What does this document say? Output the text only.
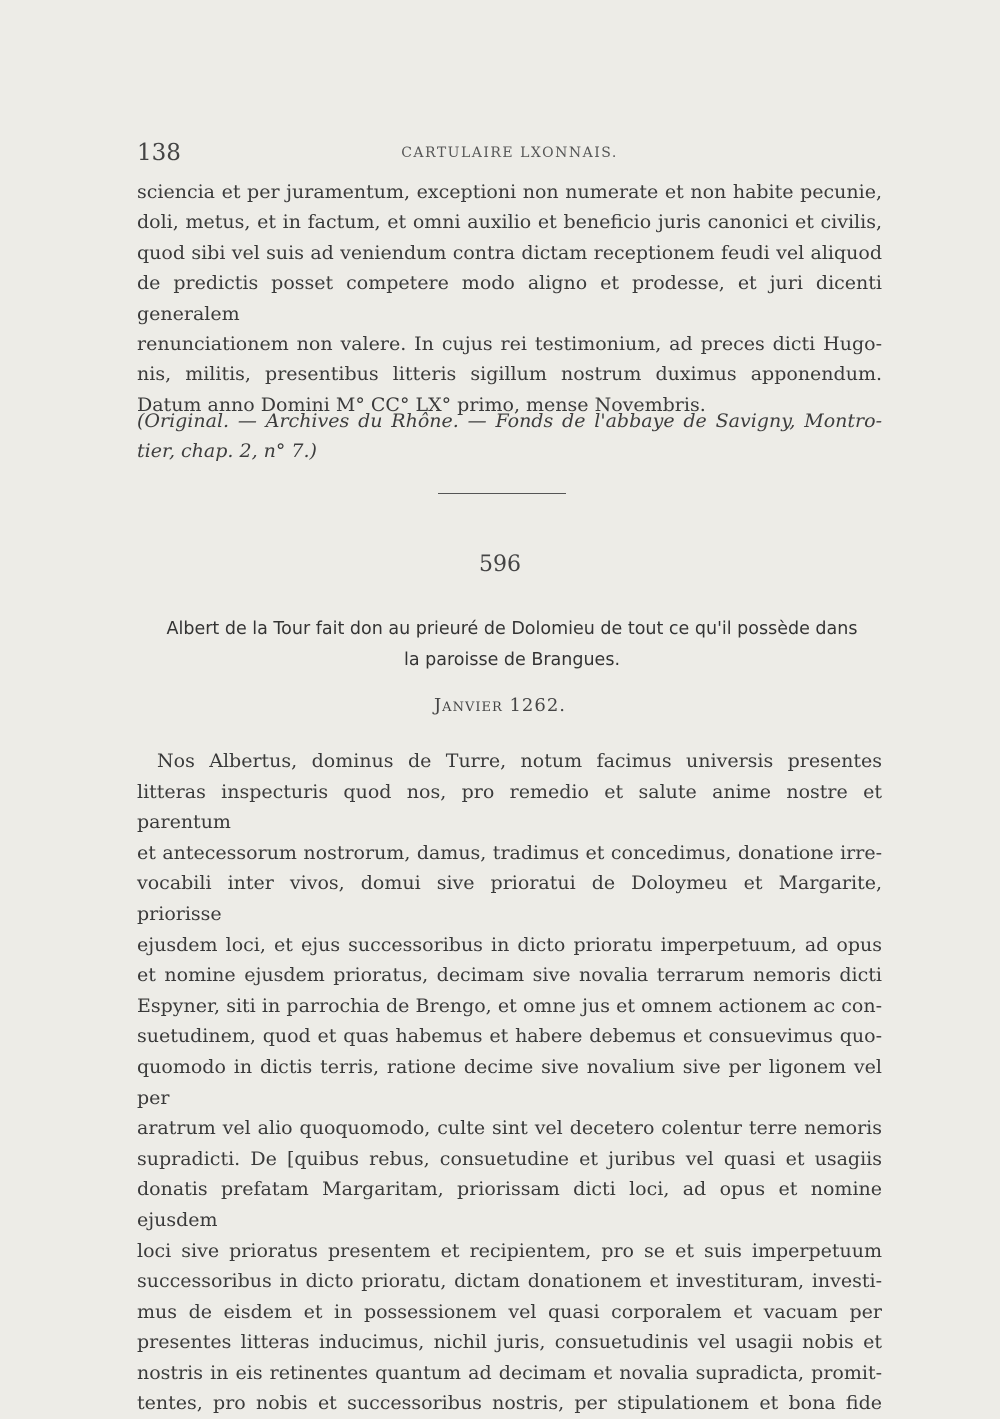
138	CARTULAIRE LXONNAIS.
sciencia et per juramentum, exceptioni non numerate et non habite pecunie,
doli, metus, et in factum, et omni auxilio et beneficio juris canonici et civilis,
quod sibi vel suis ad veniendum contra dictam receptionem feudi vel aliquod
de predictis posset competere modo aligno et prodesse, et juri dicenti generalem
renunciationem non valere. In cujus rei testimonium, ad preces dicti Hugo-
nis, militis, presentibus litteris sigillum nostrum duximus apponendum.
Datum anno Domini M° CC° LX° primo, mense Novembris.
(Original. — Archives du Rhône. — Fonds de l'abbaye de Savigny, Montro-
tier, chap. 2, n° 7.)
596
Albert de la Tour fait don au prieuré de Dolomieu de tout ce qu'il possède dans
la paroisse de Brangues.
Janvier 1262.
Nos Albertus, dominus de Turre, notum facimus universis presentes
litteras inspecturis quod nos, pro remedio et salute anime nostre et parentum
et antecessorum nostrorum, damus, tradimus et concedimus, donatione irre-
vocabili inter vivos, domui sive prioratui de Doloymeu et Margarite, priorisse
ejusdem loci, et ejus successoribus in dicto prioratu imperpetuum, ad opus
et nomine ejusdem prioratus, decimam sive novalia terrarum nemoris dicti
Espyner, siti in parrochia de Brengo, et omne jus et omnem actionem ac con-
suetudinem, quod et quas habemus et habere debemus et consuevimus quo-
quomodo in dictis terris, ratione decime sive novalium sive per ligonem vel per
aratrum vel alio quoquomodo, culte sint vel decetero colentur terre nemoris
supradicti. De [quibus rebus, consuetudine et juribus vel quasi et usagiis
donatis prefatam Margaritam, priorissam dicti loci, ad opus et nomine ejusdem
loci sive prioratus presentem et recipientem, pro se et suis imperpetuum
successoribus in dicto prioratu, dictam donationem et investituram, investi-
mus de eisdem et in possessionem vel quasi corporalem et vacuam per
presentes litteras inducimus, nichil juris, consuetudinis vel usagii nobis et
nostris in eis retinentes quantum ad decimam et novalia supradicta, promit-
tentes, pro nobis et successoribus nostris, per stipulationem et bona fide
